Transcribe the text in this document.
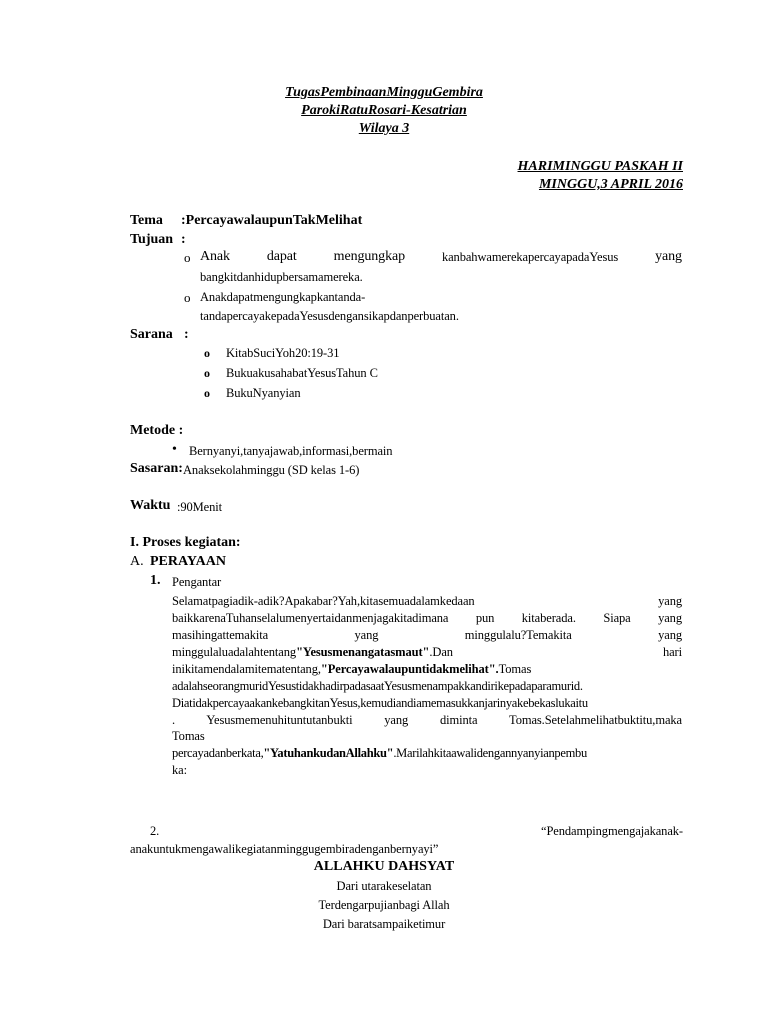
TugasPembinaanMingguGembira
ParokiRatuRosari-Kesatrian
Wilaya 3
HARIMINGGU PASKAH II
MINGGU,3 APRIL 2016
Tema :PercayawalaupunTakMelihat
Tujuan :
o Anak	dapat	mengungkap	kanbahwamerekapercayapadaYesus	yang
bangkitdanhidupbersamamereka.
o Anakdapatmengungkapkantanda-
tandapercayakepadaYesusdengansikapdanperbuatan.
Sarana :
o KitabSuciYoh20:19-31
o BukuakusahabatYesusTahun C
o BukuNyanyian
Metode :
• Bernyanyi,tanyajawab,informasi,bermain
Sasaran: Anaksekolahminggu (SD kelas 1-6)
Waktu :90Menit
I. Proses kegiatan:
A. PERAYAAN
1. Pengantar
Selamatpagiadik-adik?Apakabar?Yah,kitasemuadalamkedaan	yang
baikkarenaTuhanselalumenyertaidanmenjagakitadimana pun kitaberada. Siapa yang
masihingattemakita	yang	minggulalu?Temakita	yang
minggulaluadalahtentang"Yesusmenangatasmaut".Dan	hari
inikitamendalamitematentang,"Percayawalaupuntidakmelihat".Tomas
adalahseorangmuridYesustidakhadirpadasaatYesusmenampakkandirikepadaparamurid.
DiatidakpercayaakankebangkitanYesus,kemudiandiamemasukkanjarinyakebekaslukaitu
. Yesusmemenuhituntutanbukti yang diminta Tomas.Setelahmelihatbuktitu,maka
Tomas
percayadanberkata,"YatuhankudanAllahku".Marilahkitaawalidengannyanyianpembu
ka:
2.	“Pendampingmengajakanak-
anakuntukmengawalikegiatanminggugembiradenganbernyayi”
ALLAHKU DAHSYAT
Dari utarakeselatan
Terdengarpujianbagi Allah
Dari baratsampaiketimur
